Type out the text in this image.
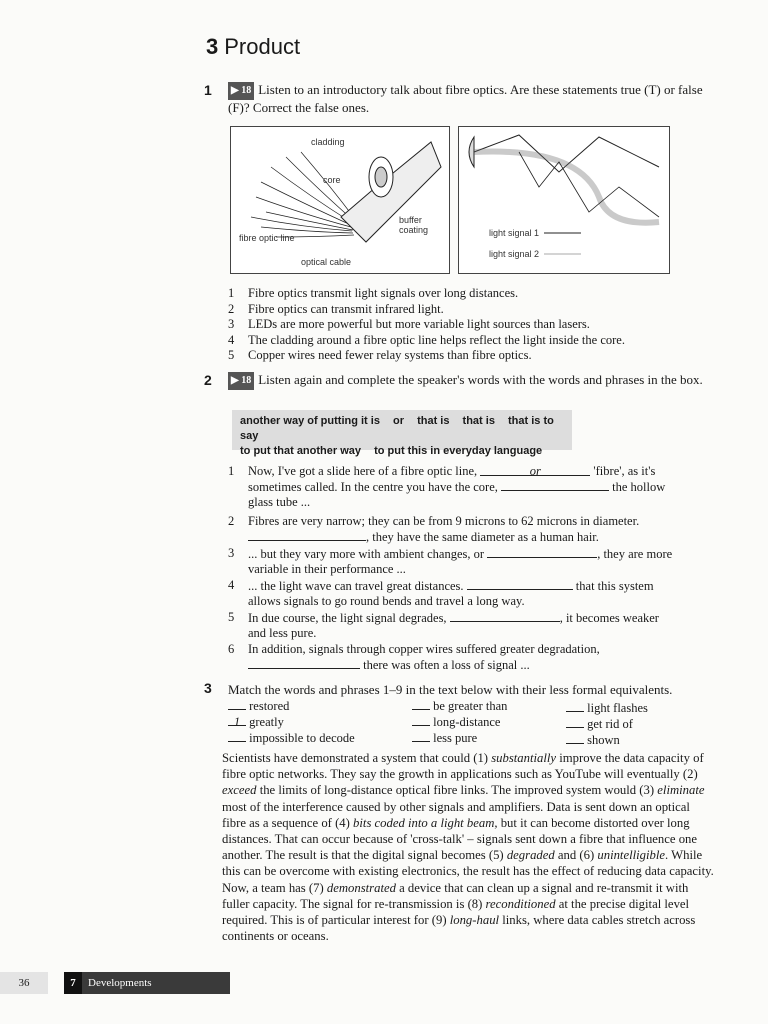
3 Product
1	▶ 18 Listen to an introductory talk about fibre optics. Are these statements true (T) or false (F)? Correct the false ones.
cladding
core
buffer coating
fibre optic line
optical cable
light signal 1
light signal 2
1 Fibre optics transmit light signals over long distances.
2 Fibre optics can transmit infrared light.
3 LEDs are more powerful but more variable light sources than lasers.
4 The cladding around a fibre optic line helps reflect the light inside the core.
5 Copper wires need fewer relay systems than fibre optics.
2	▶ 18 Listen again and complete the speaker's words with the words and phrases in the box.
another way of putting it is or that is that is that is to say
to put that another way to put this in everyday language
1 Now, I've got a slide here of a fibre optic line,	or	'fibre', as it's
sometimes called. In the centre you have the core,	the hollow
glass tube ...
2 Fibres are very narrow; they can be from 9 microns to 62 microns in diameter.
, they have the same diameter as a human hair.
3 ... but they vary more with ambient changes, or	, they are more
variable in their performance ...
4 ... the light wave can travel great distances.	that this system
allows signals to go round bends and travel a long way.
5 In due course, the light signal degrades,	, it becomes weaker
and less pure.
6 In addition, signals through copper wires suffered greater degradation,
there was often a loss of signal ...
3 Match the words and phrases 1–9 in the text below with their less formal equivalents.
restored
1 greatly
impossible to decode
be greater than
long-distance
less pure
light flashes
get rid of
shown
Scientists have demonstrated a system that could (1) substantially improve the data capacity of fibre optic networks. They say the growth in applications such as YouTube will eventually (2) exceed the limits of long-distance optical fibre links. The improved system would (3) eliminate most of the interference caused by other signals and amplifiers. Data is sent down an optical fibre as a sequence of (4) bits coded into a light beam, but it can become distorted over long distances. That can occur because of 'cross-talk' – signals sent down a fibre that influence one another. The result is that the digital signal becomes (5) degraded and (6) unintelligible. While this can be overcome with existing electronics, the result has the effect of reducing data capacity. Now, a team has (7) demonstrated a device that can clean up a signal and re-transmit it with fuller capacity. The signal for re-transmission is (8) reconditioned at the precise digital level required. This is of particular interest for (9) long-haul links, where data cables stretch across continents or oceans.
36	7 Developments
